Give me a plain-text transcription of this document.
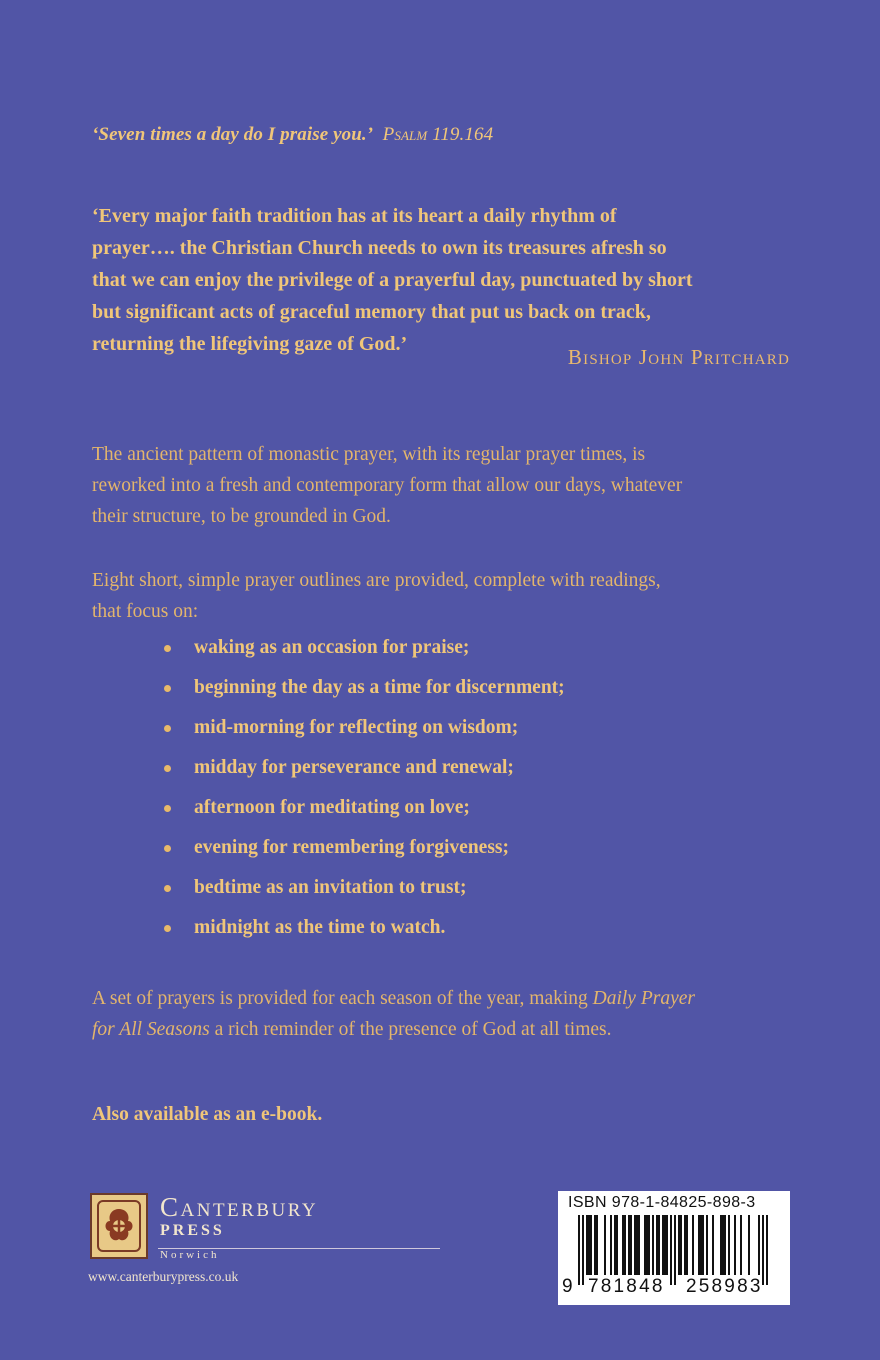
‘Seven times a day do I praise you.’ Psalm 119.164

‘Every major faith tradition has at its heart a daily rhythm of

prayer…. the Christian Church needs to own its treasures afresh so

that we can enjoy the privilege of a prayerful day, punctuated by short

but significant acts of graceful memory that put us back on track,

returning the lifegiving gaze of God.’

Bishop John Pritchard

The ancient pattern of monastic prayer, with its regular prayer times, is

reworked into a fresh and contemporary form that allow our days, whatever

their structure, to be grounded in God.

Eight short, simple prayer outlines are provided, complete with readings,

that focus on:

waking as an occasion for praise;
beginning the day as a time for discernment;
mid-morning for reflecting on wisdom;
midday for perseverance and renewal;
afternoon for meditating on love;
evening for remembering forgiveness;
bedtime as an invitation to trust;
midnight as the time to watch.
A set of prayers is provided for each season of the year, making Daily Prayer
for All Seasons a rich reminder of the presence of God at all times.
Also available as an e-book.
Canterbury
PRESS
Norwich
www.canterburypress.co.uk
ISBN 978-1-84825-898-3
9 781848 258983
